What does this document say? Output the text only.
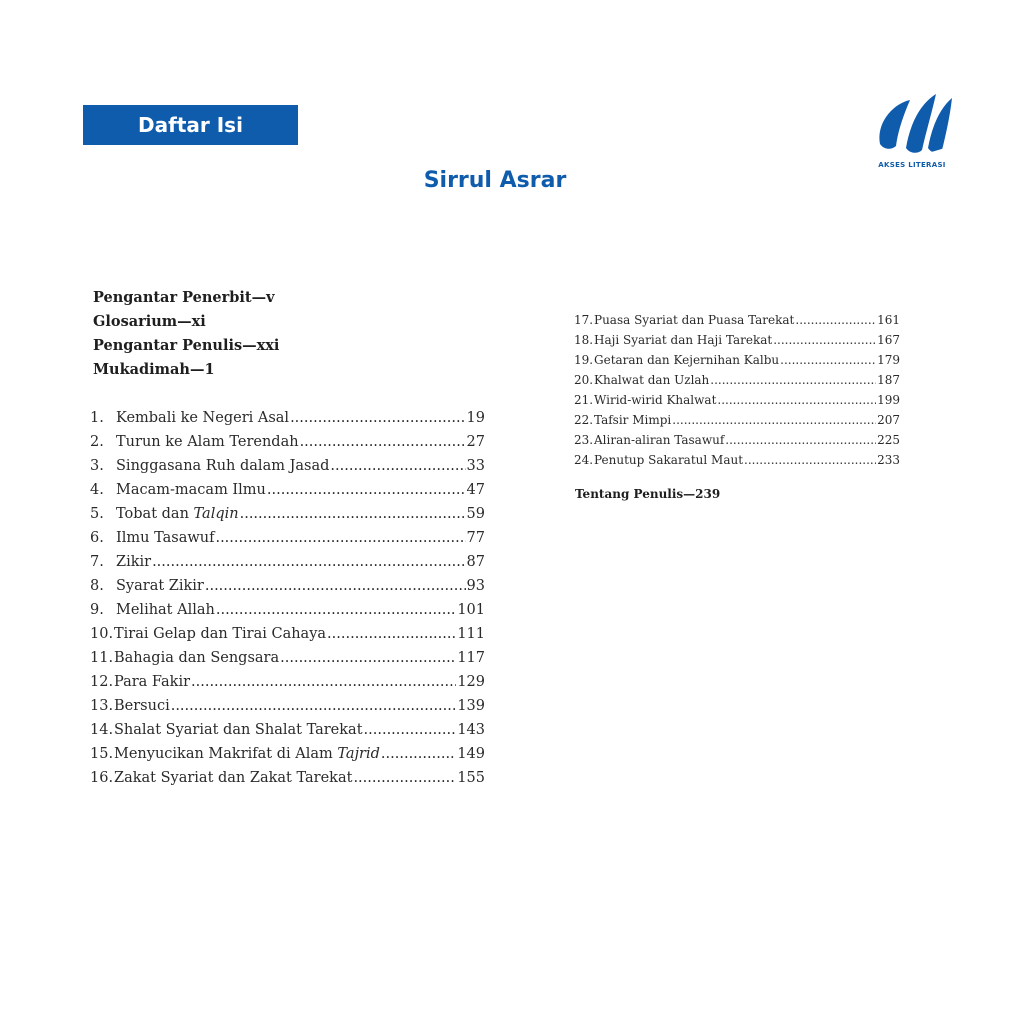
Daftar Isi
AKSES LITERASI
Sirrul Asrar
Pengantar Penerbit—v
Glosarium—xi
Pengantar Penulis—xxi
Mukadimah—1
1. Kembali ke Negeri Asal .....	19
2. Turun ke Alam Terendah .....	27
3. Singgasana Ruh dalam Jasad .....	33
4. Macam-macam Ilmu .....	47
5. Tobat dan Talqin .....	59
6. Ilmu Tasawuf .....	77
7. Zikir .....	87
8. Syarat Zikir .....	93
9. Melihat Allah .....	101
10. Tirai Gelap dan Tirai Cahaya .....	111
11. Bahagia dan Sengsara .....	117
12. Para Fakir .....	129
13. Bersuci .....	139
14. Shalat Syariat dan Shalat Tarekat .....	143
15. Menyucikan Makrifat di Alam Tajrid .....	149
16. Zakat Syariat dan Zakat Tarekat .....	155
17. Puasa Syariat dan Puasa Tarekat .....	161
18. Haji Syariat dan Haji Tarekat .....	167
19. Getaran dan Kejernihan Kalbu .....	179
20. Khalwat dan Uzlah .....	187
21. Wirid-wirid Khalwat .....	199
22. Tafsir Mimpi .....	207
23. Aliran-aliran Tasawuf .....	225
24. Penutup Sakaratul Maut .....	233
Tentang Penulis—239
